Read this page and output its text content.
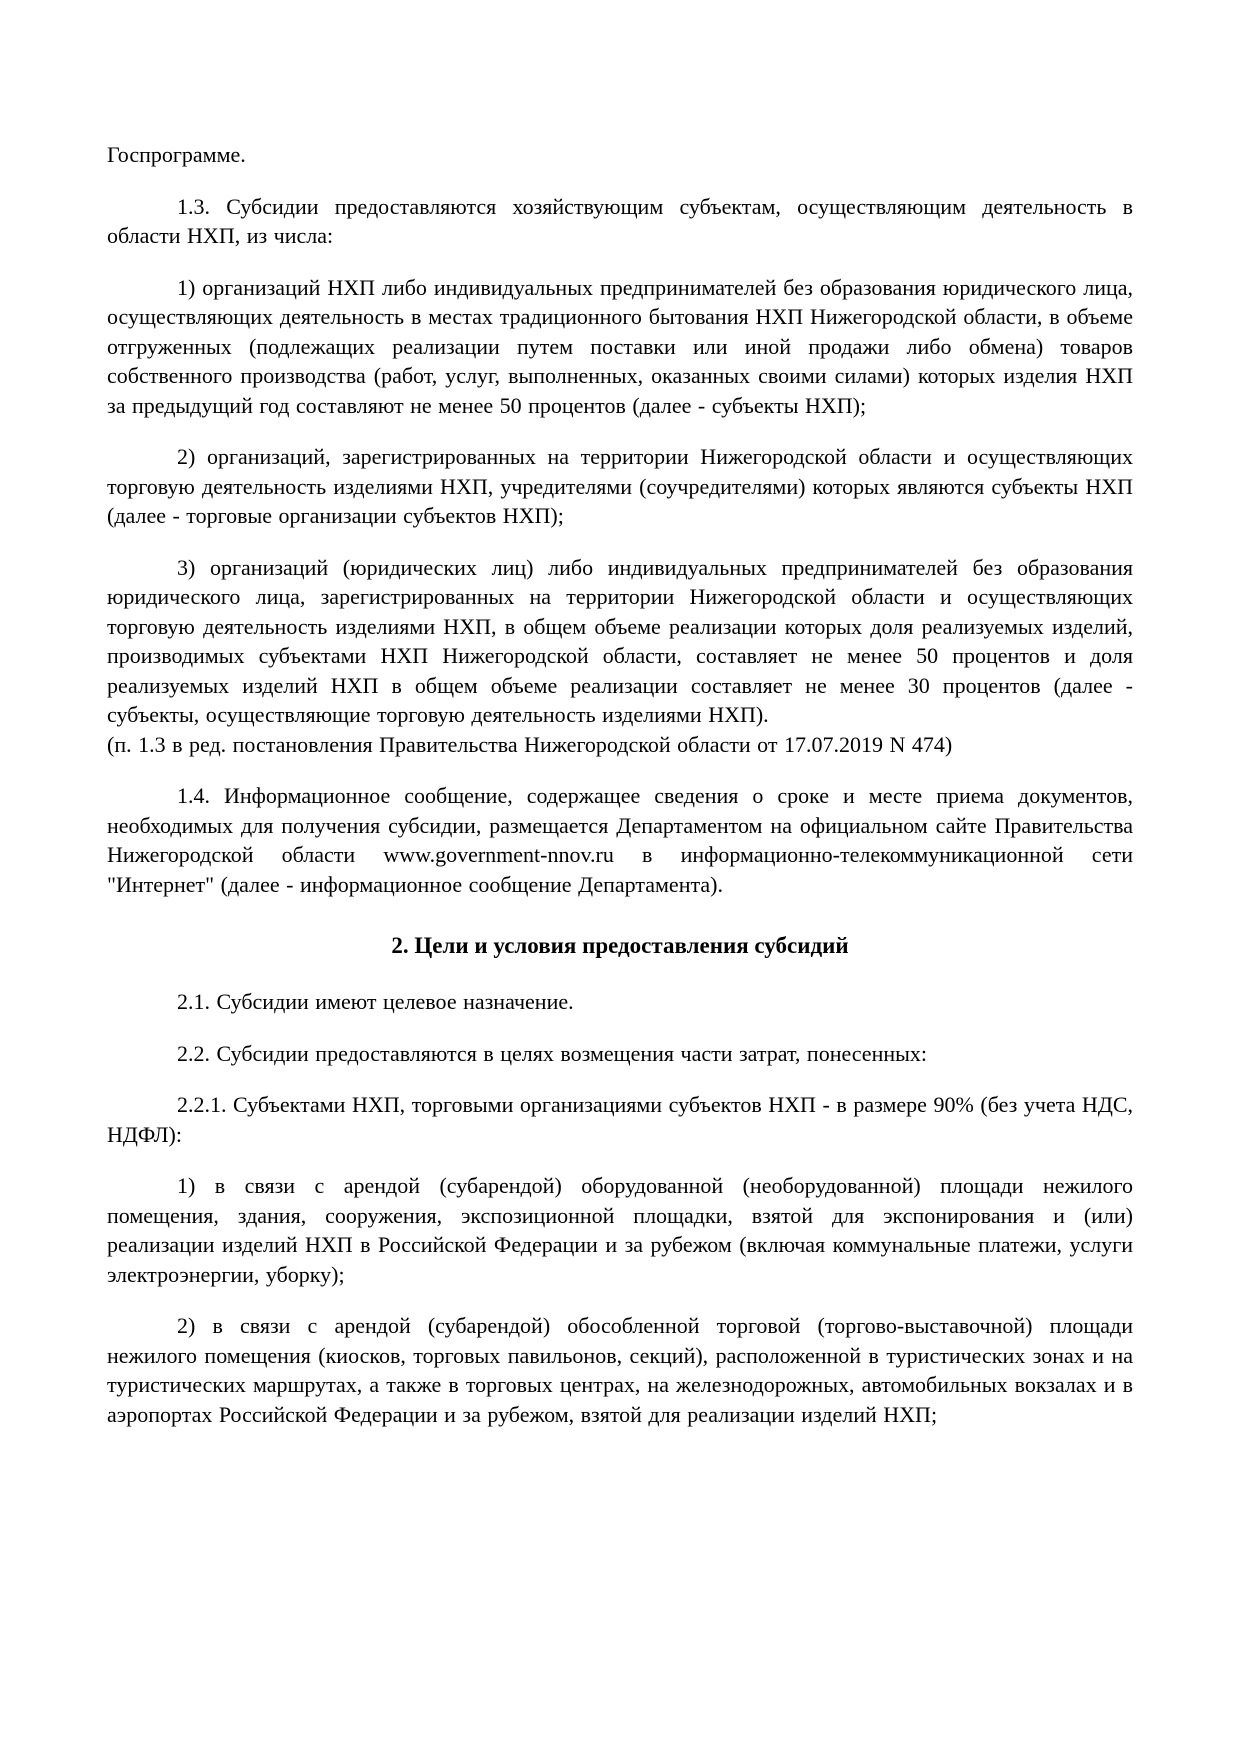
Госпрограмме.

1.3. Субсидии предоставляются хозяйствующим субъектам, осуществляющим деятельность в области НХП, из числа:

1) организаций НХП либо индивидуальных предпринимателей без образования юридического лица, осуществляющих деятельность в местах традиционного бытования НХП Нижегородской области, в объеме отгруженных (подлежащих реализации путем поставки или иной продажи либо обмена) товаров собственного производства (работ, услуг, выполненных, оказанных своими силами) которых изделия НХП за предыдущий год составляют не менее 50 процентов (далее - субъекты НХП);

2) организаций, зарегистрированных на территории Нижегородской области и осуществляющих торговую деятельность изделиями НХП, учредителями (соучредителями) которых являются субъекты НХП (далее - торговые организации субъектов НХП);

3) организаций (юридических лиц) либо индивидуальных предпринимателей без образования юридического лица, зарегистрированных на территории Нижегородской области и осуществляющих торговую деятельность изделиями НХП, в общем объеме реализации которых доля реализуемых изделий, производимых субъектами НХП Нижегородской области, составляет не менее 50 процентов и доля реализуемых изделий НХП в общем объеме реализации составляет не менее 30 процентов (далее - субъекты, осуществляющие торговую деятельность изделиями НХП).

(п. 1.3 в ред. постановления Правительства Нижегородской области от 17.07.2019 N 474)

1.4. Информационное сообщение, содержащее сведения о сроке и месте приема документов, необходимых для получения субсидии, размещается Департаментом на официальном сайте Правительства Нижегородской области www.government-nnov.ru в информационно-телекоммуникационной сети "Интернет" (далее - информационное сообщение Департамента).

2. Цели и условия предоставления субсидий

2.1. Субсидии имеют целевое назначение.

2.2. Субсидии предоставляются в целях возмещения части затрат, понесенных:

2.2.1. Субъектами НХП, торговыми организациями субъектов НХП - в размере 90% (без учета НДС, НДФЛ):

1) в связи с арендой (субарендой) оборудованной (необорудованной) площади нежилого помещения, здания, сооружения, экспозиционной площадки, взятой для экспонирования и (или) реализации изделий НХП в Российской Федерации и за рубежом (включая коммунальные платежи, услуги электроэнергии, уборку);

2) в связи с арендой (субарендой) обособленной торговой (торгово-выставочной) площади нежилого помещения (киосков, торговых павильонов, секций), расположенной в туристических зонах и на туристических маршрутах, а также в торговых центрах, на железнодорожных, автомобильных вокзалах и в аэропортах Российской Федерации и за рубежом, взятой для реализации изделий НХП;
